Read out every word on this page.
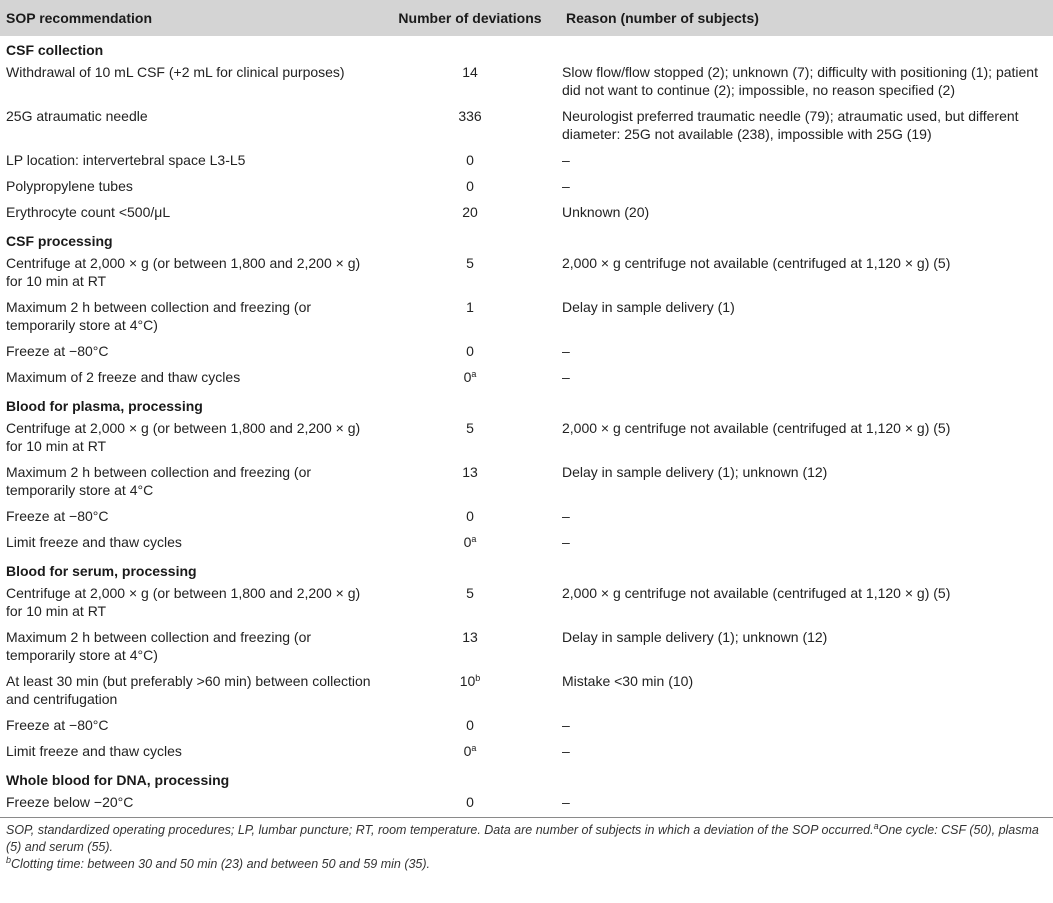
SOP recommendation	Number of deviations	Reason (number of subjects)
CSF collection		
Withdrawal of 10 mL CSF (+2 mL for clinical purposes)	14	Slow flow/flow stopped (2); unknown (7); difficulty with positioning (1); patient did not want to continue (2); impossible, no reason specified (2)
25G atraumatic needle	336	Neurologist preferred traumatic needle (79); atraumatic used, but different diameter: 25G not available (238), impossible with 25G (19)
LP location: intervertebral space L3-L5	0	–
Polypropylene tubes	0	–
Erythrocyte count <500/μL	20	Unknown (20)
CSF processing		
Centrifuge at 2,000 × g (or between 1,800 and 2,200 × g) for 10 min at RT	5	2,000 × g centrifuge not available (centrifuged at 1,120 × g) (5)
Maximum 2 h between collection and freezing (or temporarily store at 4°C)	1	Delay in sample delivery (1)
Freeze at −80°C	0	–
Maximum of 2 freeze and thaw cycles	0$^a$	–
Blood for plasma, processing		
Centrifuge at 2,000 × g (or between 1,800 and 2,200 × g) for 10 min at RT	5	2,000 × g centrifuge not available (centrifuged at 1,120 × g) (5)
Maximum 2 h between collection and freezing (or temporarily store at 4°C	13	Delay in sample delivery (1); unknown (12)
Freeze at −80°C	0	–
Limit freeze and thaw cycles	0$^a$	–
Blood for serum, processing		
Centrifuge at 2,000 × g (or between 1,800 and 2,200 × g) for 10 min at RT	5	2,000 × g centrifuge not available (centrifuged at 1,120 × g) (5)
Maximum 2 h between collection and freezing (or temporarily store at 4°C)	13	Delay in sample delivery (1); unknown (12)
At least 30 min (but preferably >60 min) between collection and centrifugation	10$^b$	Mistake <30 min (10)
Freeze at −80°C	0	–
Limit freeze and thaw cycles	0$^a$	–
Whole blood for DNA, processing		
Freeze below −20°C	0	–

SOP, standardized operating procedures; LP, lumbar puncture; RT, room temperature. Data are number of subjects in which a deviation of the SOP occurred.$^a$One cycle: CSF (50), plasma (5) and serum (55).

$^b$Clotting time: between 30 and 50 min (23) and between 50 and 59 min (35).
